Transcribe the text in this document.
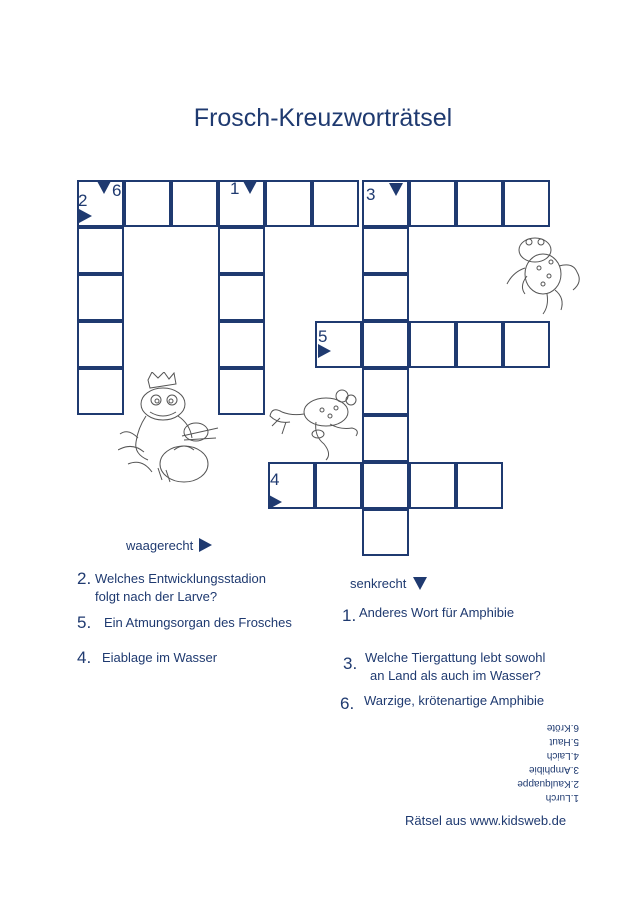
Frosch-Kreuzworträtsel
2
6	1	3
5
4
waagerecht
2. Welches Entwicklungsstadion
folgt nach der Larve?
5. Ein Atmungsorgan des Frosches
4. Eiablage im Wasser
senkrecht
1. Anderes Wort für Amphibie
3. Welche Tiergattung lebt sowohl
an Land als auch im Wasser?
6. Warzige, krötenartige Amphibie
1.Lurch
2.Kaulquappe
3.Amphibie
4.Laich
5.Haut
6.Kröte
Rätsel aus www.kidsweb.de
